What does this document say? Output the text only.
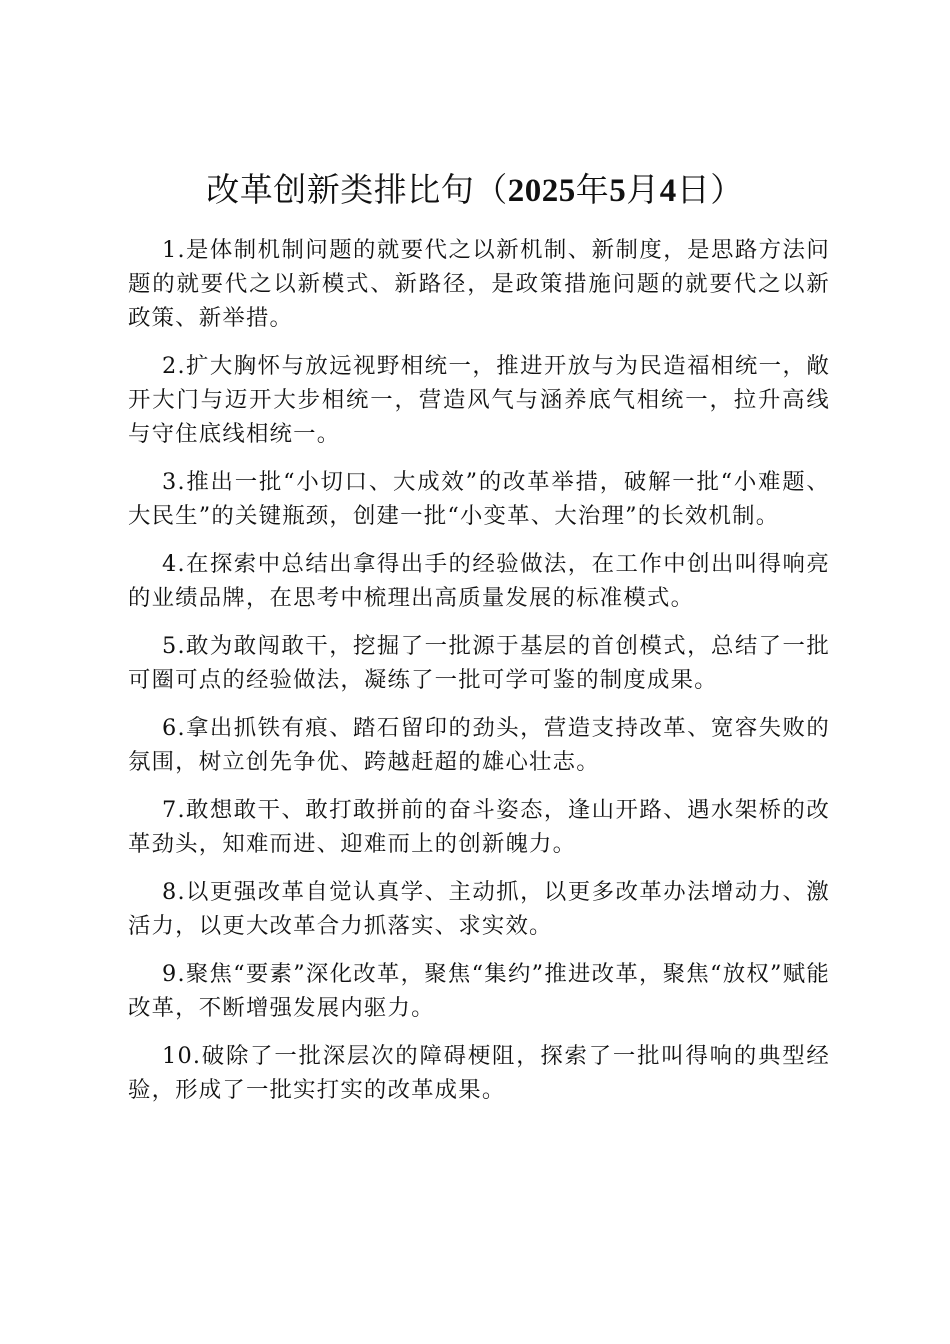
改革创新类排比句（2025年5月4日）

1.是体制机制问题的就要代之以新机制、新制度，是思路方法问题的就要代之以新模式、新路径，是政策措施问题的就要代之以新政策、新举措。

2.扩大胸怀与放远视野相统一，推进开放与为民造福相统一，敞开大门与迈开大步相统一，营造风气与涵养底气相统一，拉升高线与守住底线相统一。

3.推出一批“小切口、大成效”的改革举措，破解一批“小难题、大民生”的关键瓶颈，创建一批“小变革、大治理”的长效机制。

4.在探索中总结出拿得出手的经验做法，在工作中创出叫得响亮的业绩品牌，在思考中梳理出高质量发展的标准模式。

5.敢为敢闯敢干，挖掘了一批源于基层的首创模式，总结了一批可圈可点的经验做法，凝练了一批可学可鉴的制度成果。

6.拿出抓铁有痕、踏石留印的劲头，营造支持改革、宽容失败的氛围，树立创先争优、跨越赶超的雄心壮志。

7.敢想敢干、敢打敢拼前的奋斗姿态，逢山开路、遇水架桥的改革劲头，知难而进、迎难而上的创新魄力。

8.以更强改革自觉认真学、主动抓，以更多改革办法增动力、激活力，以更大改革合力抓落实、求实效。

9.聚焦“要素”深化改革，聚焦“集约”推进改革，聚焦“放权”赋能改革，不断增强发展内驱力。

10.破除了一批深层次的障碍梗阻，探索了一批叫得响的典型经验，形成了一批实打实的改革成果。
